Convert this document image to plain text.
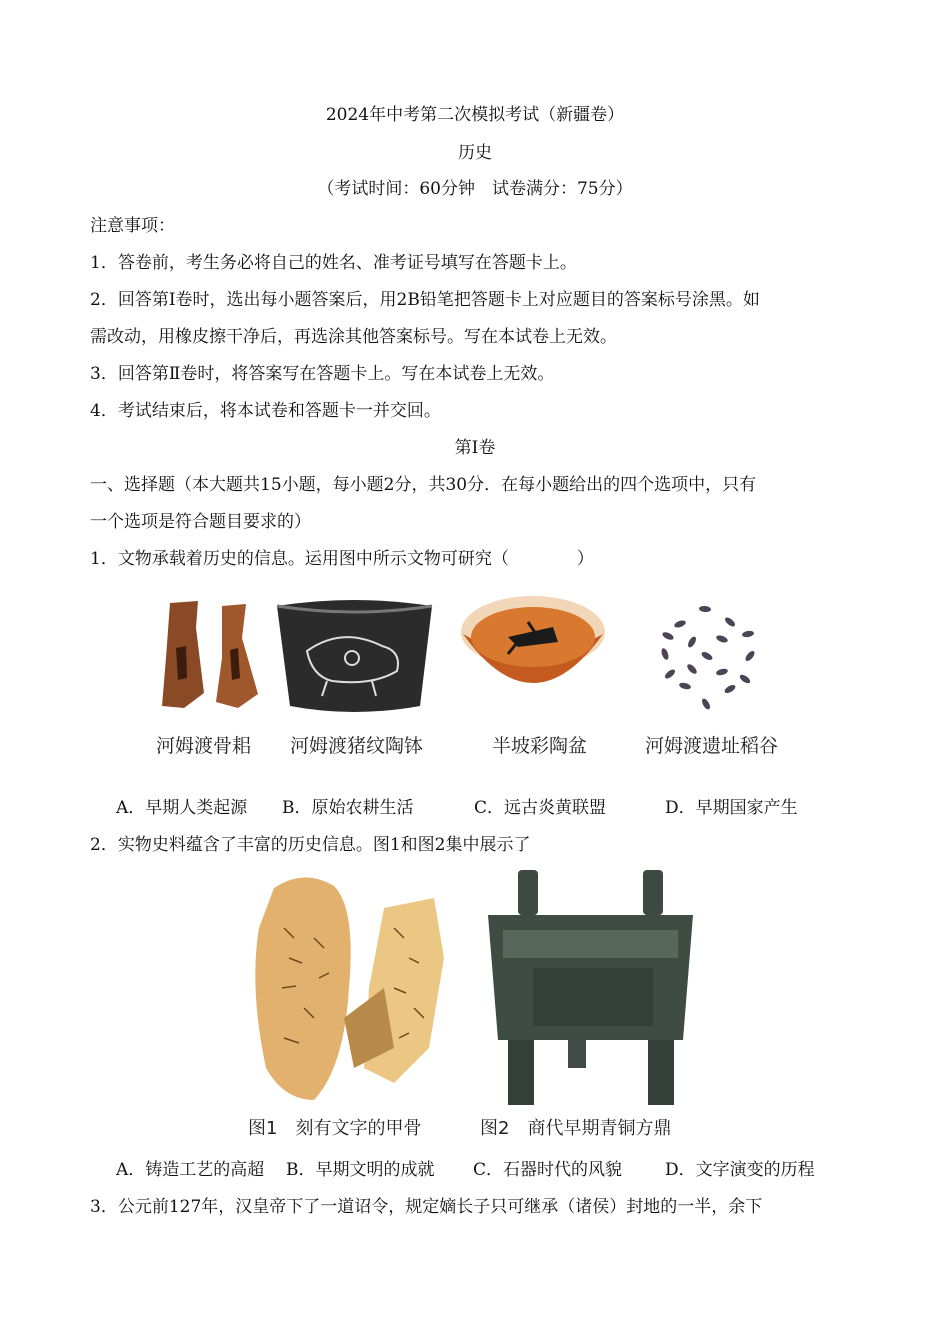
2024年中考第二次模拟考试（新疆卷）
历史
（考试时间：60分钟　试卷满分：75分）
注意事项：
1．答卷前，考生务必将自己的姓名、准考证号填写在答题卡上。
2．回答第Ⅰ卷时，选出每小题答案后，用2B铅笔把答题卡上对应题目的答案标号涂黑。如
需改动，用橡皮擦干净后，再选涂其他答案标号。写在本试卷上无效。
3．回答第Ⅱ卷时，将答案写在答题卡上。写在本试卷上无效。
4．考试结束后，将本试卷和答题卡一并交回。
第Ⅰ卷
一、选择题（本大题共15小题，每小题2分，共30分．在每小题给出的四个选项中，只有
一个选项是符合题目要求的）
1．文物承载着历史的信息。运用图中所示文物可研究（　　　　）
河姆渡骨耜 河姆渡猪纹陶钵	半坡彩陶盆	河姆渡遗址稻谷
A．早期人类起源 B．原始农耕生活	C．远古炎黄联盟	D．早期国家产生
2．实物史料蕴含了丰富的历史信息。图1和图2集中展示了
图1　刻有文字的甲骨	图2　商代早期青铜方鼎
A．铸造工艺的高超 B．早期文明的成就 C．石器时代的风貌	D．文字演变的历程
3．公元前127年，汉皇帝下了一道诏令，规定嫡长子只可继承（诸侯）封地的一半，余下
